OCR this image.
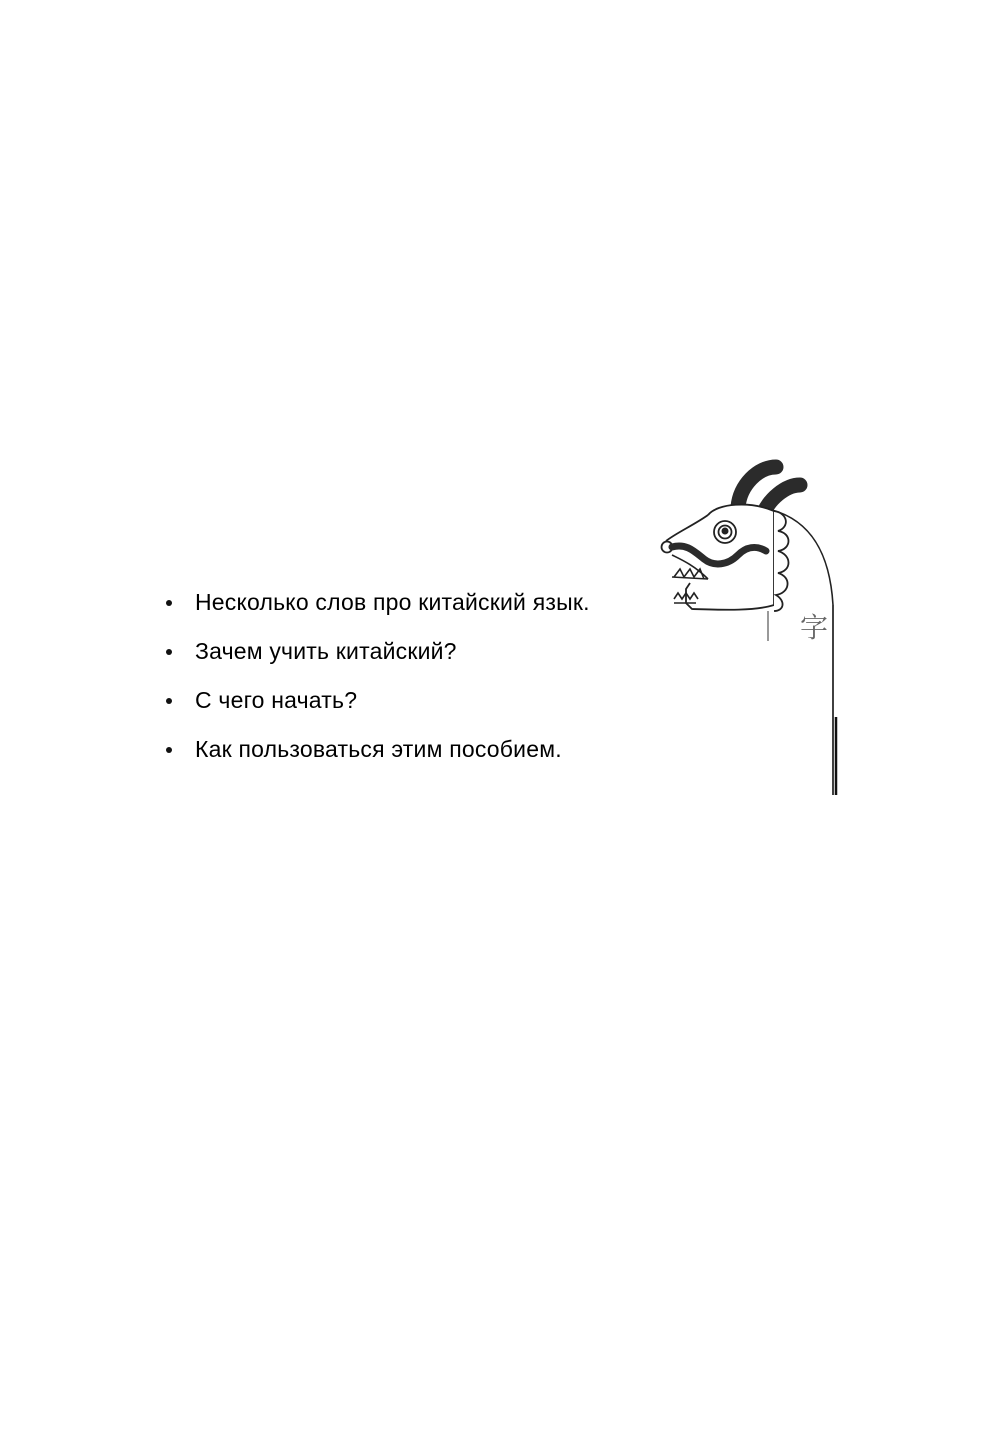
Несколько слов про китайский язык.
Зачем учить китайский?
С чего начать?
Как пользоваться этим пособием.
字
